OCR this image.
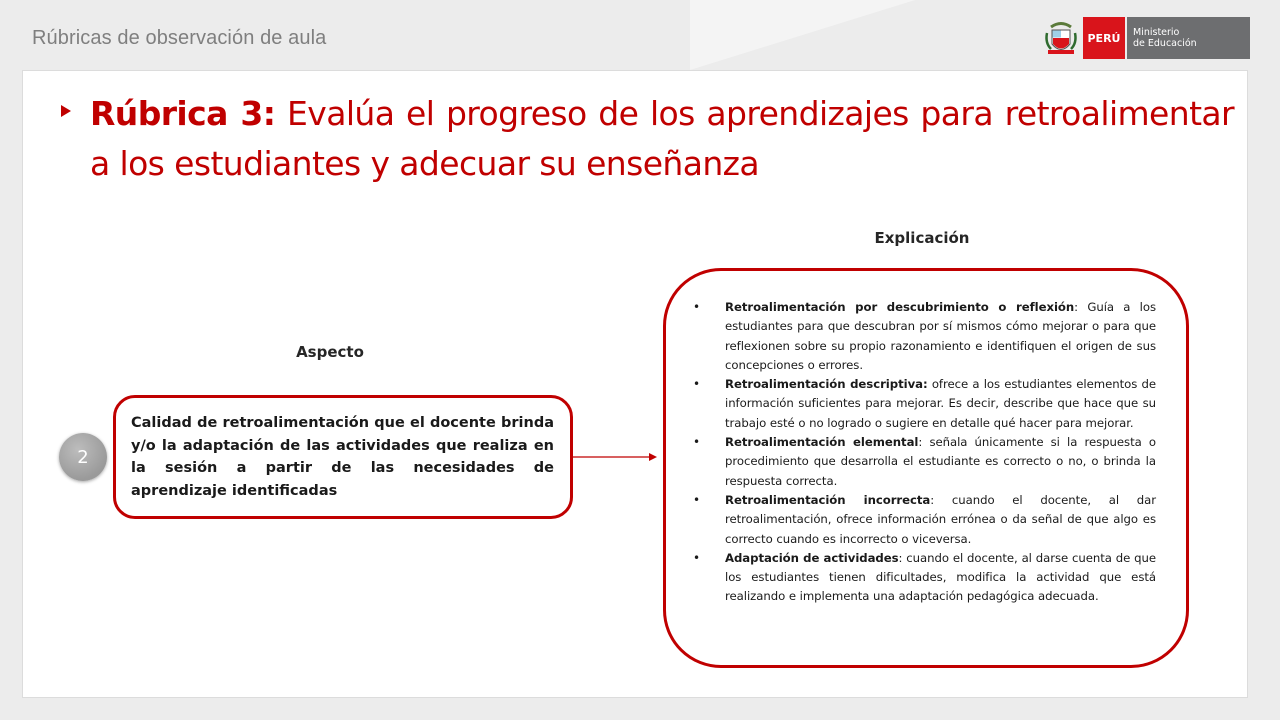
Rúbricas de observación de aula	PERÚ	Ministerio
de Educación
Rúbrica 3: Evalúa el progreso de los aprendizajes para retroalimentar a los estudiantes y adecuar su enseñanza
Explicación
Aspecto
2
Calidad de retroalimentación que el docente brinda y/o la adaptación de las actividades que realiza en la sesión a partir de las necesidades de aprendizaje identificadas
• Retroalimentación por descubrimiento o reflexión: Guía a los estudiantes para que descubran por sí mismos cómo mejorar o para que reflexionen sobre su propio razonamiento e identifiquen el origen de sus concepciones o errores.
• Retroalimentación descriptiva: ofrece a los estudiantes elementos de información suficientes para mejorar. Es decir, describe que hace que su trabajo esté o no logrado o sugiere en detalle qué hacer para mejorar.
• Retroalimentación elemental: señala únicamente si la respuesta o procedimiento que desarrolla el estudiante es correcto o no, o brinda la respuesta correcta.
• Retroalimentación incorrecta: cuando el docente, al dar retroalimentación, ofrece información errónea o da señal de que algo es correcto cuando es incorrecto o viceversa.
• Adaptación de actividades: cuando el docente, al darse cuenta de que los estudiantes tienen dificultades, modifica la actividad que está realizando e implementa una adaptación pedagógica adecuada.
